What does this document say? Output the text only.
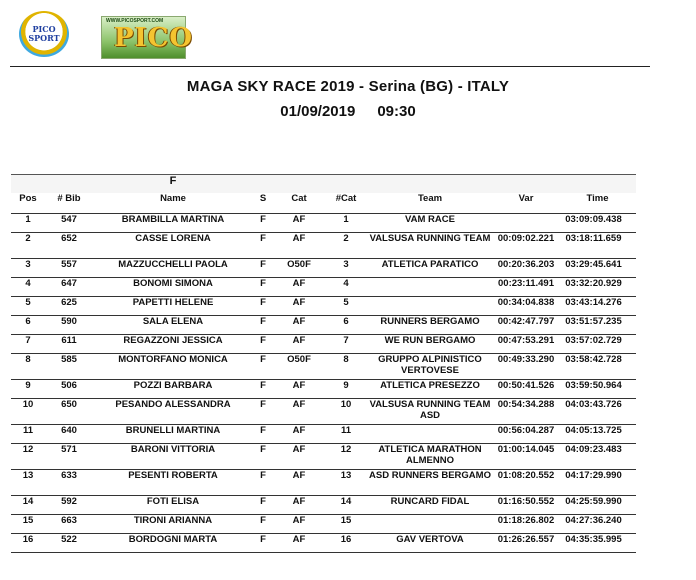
PICO
SPORT
WWW.PICOSPORT.COM
PICO
MAGA SKY RACE 2019 - Serina (BG) - ITALY
01/09/2019 09:30
		F						
Pos	# Bib	Name	S	Cat	#Cat	Team	Var	Time
1	547	BRAMBILLA MARTINA	F	AF	1	VAM RACE		03:09:09.438
2	652	CASSE LORENA	F	AF	2	VALSUSA RUNNING TEAM	00:09:02.221	03:18:11.659
3	557	MAZZUCCHELLI PAOLA	F	O50F	3	ATLETICA PARATICO	00:20:36.203	03:29:45.641
4	647	BONOMI SIMONA	F	AF	4		00:23:11.491	03:32:20.929
5	625	PAPETTI HELENE	F	AF	5		00:34:04.838	03:43:14.276
6	590	SALA ELENA	F	AF	6	RUNNERS BERGAMO	00:42:47.797	03:51:57.235
7	611	REGAZZONI JESSICA	F	AF	7	WE RUN BERGAMO	00:47:53.291	03:57:02.729
8	585	MONTORFANO MONICA	F	O50F	8	GRUPPO ALPINISTICO VERTOVESE	00:49:33.290	03:58:42.728
9	506	POZZI BARBARA	F	AF	9	ATLETICA PRESEZZO	00:50:41.526	03:59:50.964
10	650	PESANDO ALESSANDRA	F	AF	10	VALSUSA RUNNING TEAM ASD	00:54:34.288	04:03:43.726
11	640	BRUNELLI MARTINA	F	AF	11		00:56:04.287	04:05:13.725
12	571	BARONI VITTORIA	F	AF	12	ATLETICA MARATHON ALMENNO	01:00:14.045	04:09:23.483
13	633	PESENTI ROBERTA	F	AF	13	ASD RUNNERS BERGAMO	01:08:20.552	04:17:29.990
14	592	FOTI ELISA	F	AF	14	RUNCARD FIDAL	01:16:50.552	04:25:59.990
15	663	TIRONI ARIANNA	F	AF	15		01:18:26.802	04:27:36.240
16	522	BORDOGNI MARTA	F	AF	16	GAV VERTOVA	01:26:26.557	04:35:35.995
